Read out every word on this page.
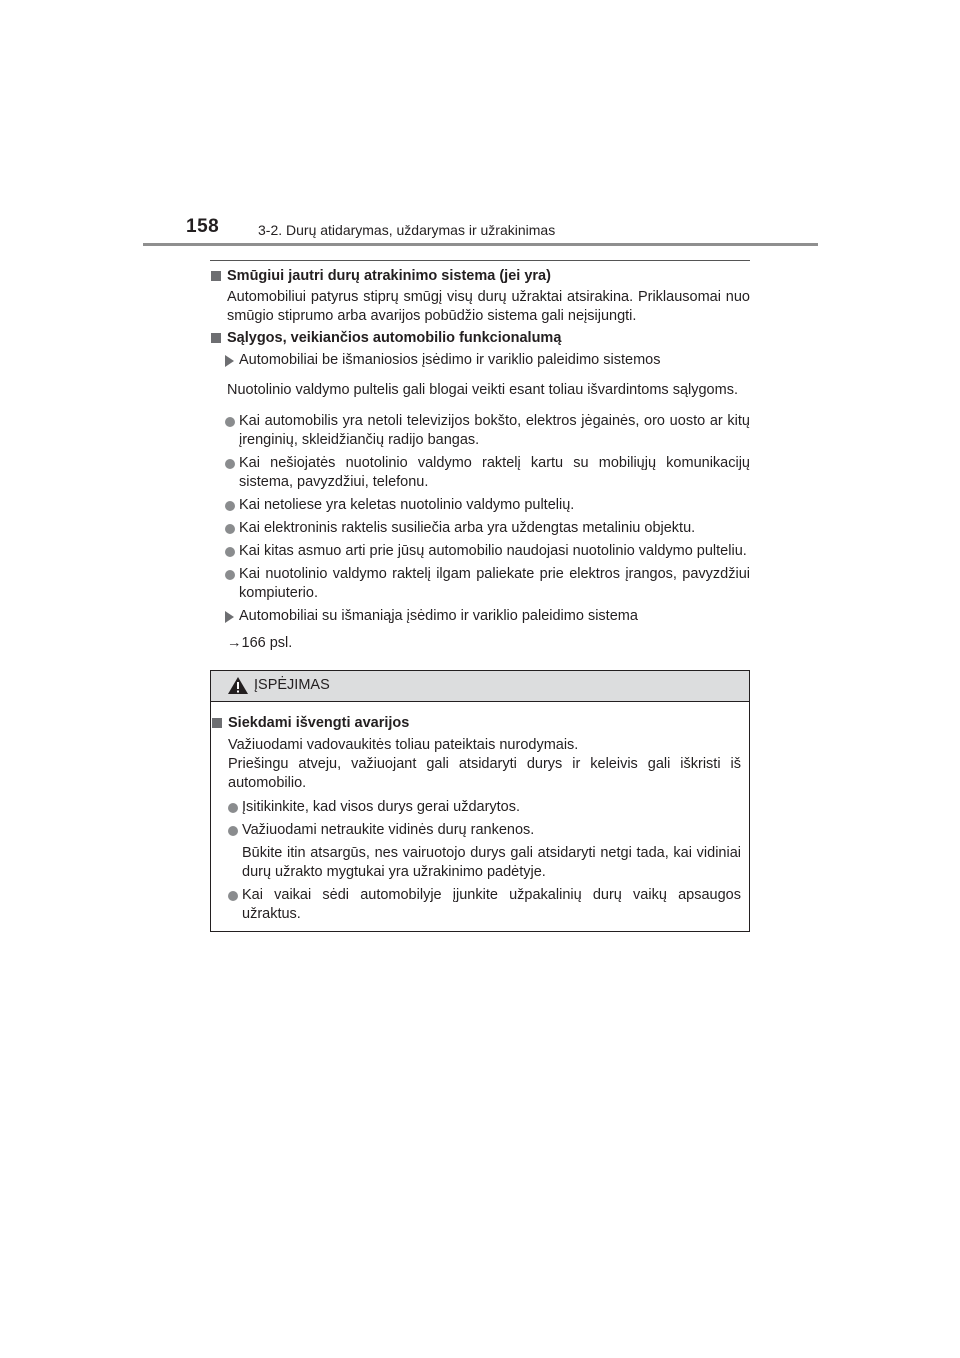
158	3-2. Durų atidarymas, uždarymas ir užrakinimas
Smūgiui jautri durų atrakinimo sistema (jei yra)
Automobiliui patyrus stiprų smūgį visų durų užraktai atsirakina. Priklausomai nuo smūgio stiprumo arba avarijos pobūdžio sistema gali neįsijungti.
Sąlygos, veikiančios automobilio funkcionalumą
Automobiliai be išmaniosios įsėdimo ir variklio paleidimo sistemos
Nuotolinio valdymo pultelis gali blogai veikti esant toliau išvardintoms sąlygoms.
Kai automobilis yra netoli televizijos bokšto, elektros jėgainės, oro uosto ar kitų įrenginių, skleidžiančių radijo bangas.
Kai nešiojatės nuotolinio valdymo raktelį kartu su mobiliųjų komunikacijų sistema, pavyzdžiui, telefonu.
Kai netoliese yra keletas nuotolinio valdymo pultelių.
Kai elektroninis raktelis susiliečia arba yra uždengtas metaliniu objektu.
Kai kitas asmuo arti prie jūsų automobilio naudojasi nuotolinio valdymo pulteliu.
Kai nuotolinio valdymo raktelį ilgam paliekate prie elektros įrangos, pavyzdžiui kompiuterio.
Automobiliai su išmaniąja įsėdimo ir variklio paleidimo sistema
→166 psl.
ĮSPĖJIMAS
Siekdami išvengti avarijos
Važiuodami vadovaukitės toliau pateiktais nurodymais.
Priešingu atveju, važiuojant gali atsidaryti durys ir keleivis gali iškristi iš automobilio.
Įsitikinkite, kad visos durys gerai uždarytos.
Važiuodami netraukite vidinės durų rankenos.
Būkite itin atsargūs, nes vairuotojo durys gali atsidaryti netgi tada, kai vidiniai durų užrakto mygtukai yra užrakinimo padėtyje.
Kai vaikai sėdi automobilyje įjunkite užpakalinių durų vaikų apsaugos užraktus.
